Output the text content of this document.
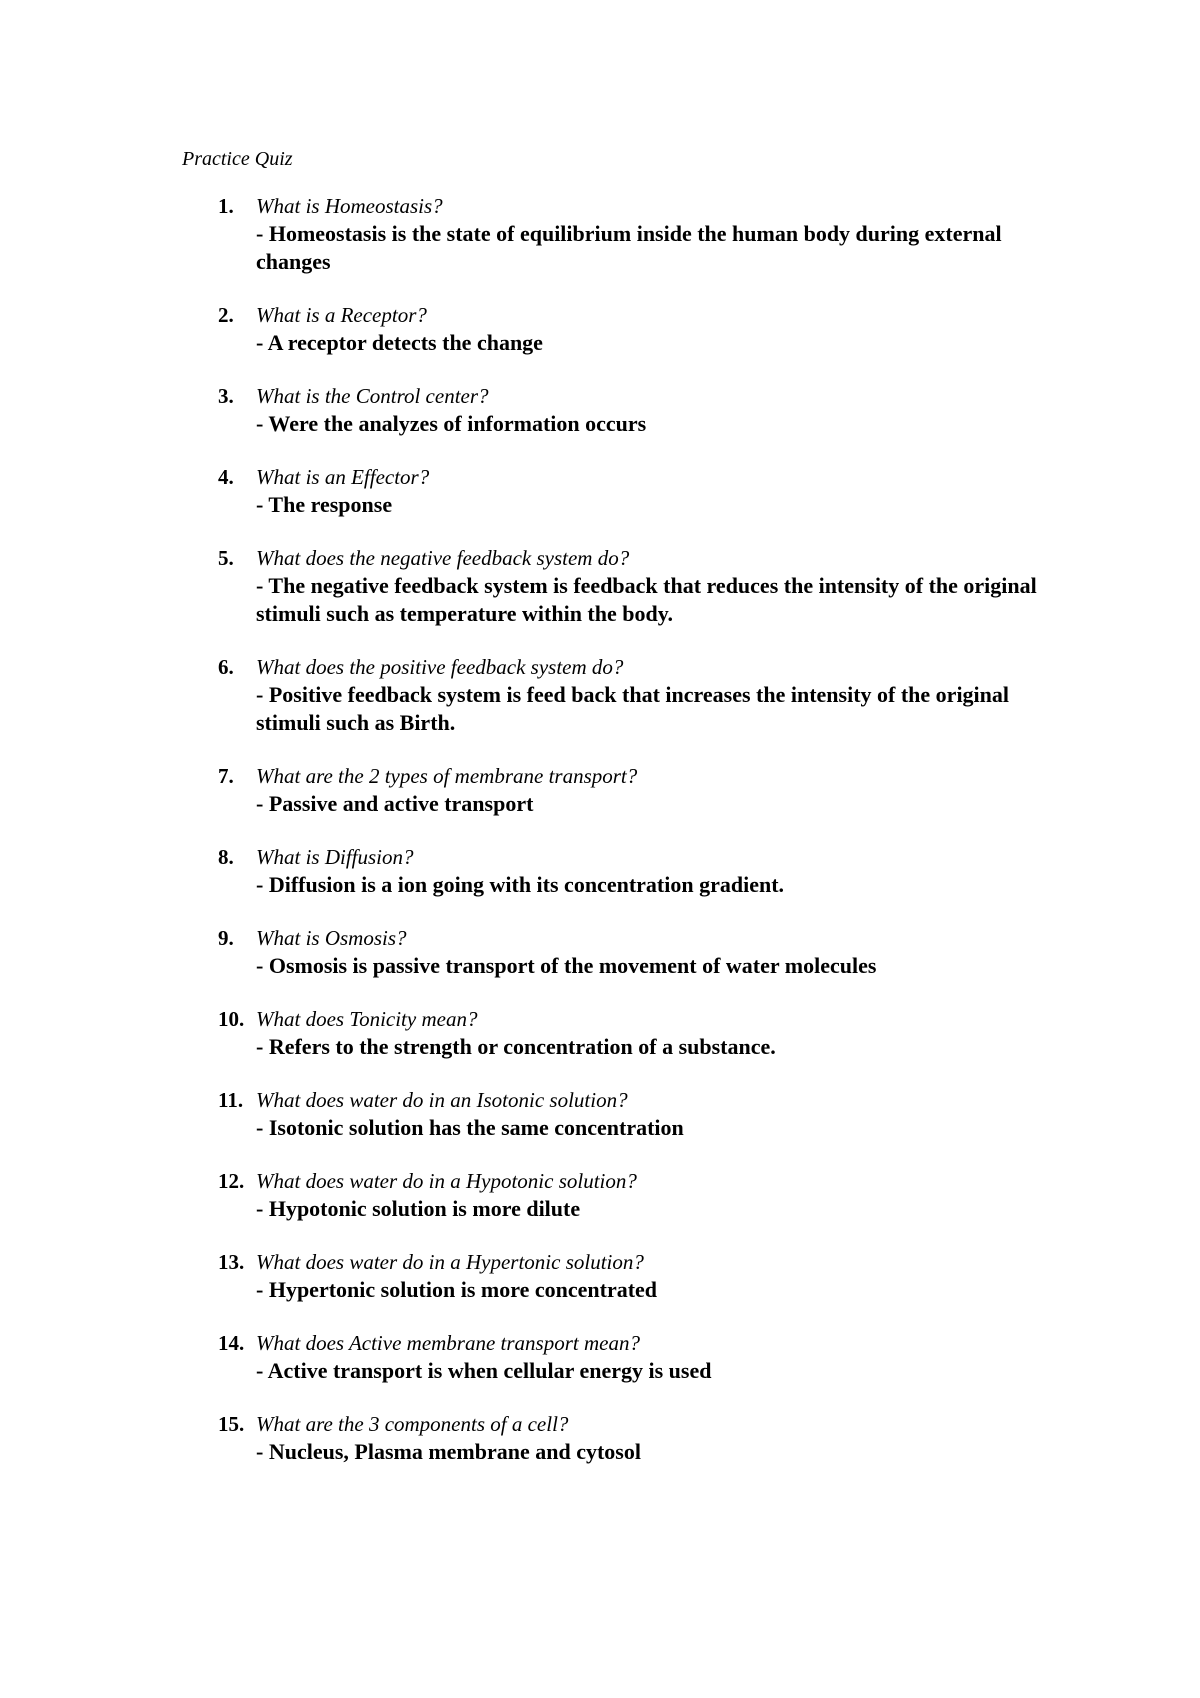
Practice Quiz
1. What is Homeostasis?
- Homeostasis is the state of equilibrium inside the human body during external changes
2. What is a Receptor?
- A receptor detects the change
3. What is the Control center?
- Were the analyzes of information occurs
4. What is an Effector?
- The response
5. What does the negative feedback system do?
- The negative feedback system is feedback that reduces the intensity of the original stimuli such as temperature within the body.
6. What does the positive feedback system do?
- Positive feedback system is feed back that increases the intensity of the original stimuli such as Birth.
7. What are the 2 types of membrane transport?
- Passive and active transport
8. What is Diffusion?
- Diffusion is a ion going with its concentration gradient.
9. What is Osmosis?
- Osmosis is passive transport of the movement of water molecules
10. What does Tonicity mean?
- Refers to the strength or concentration of a substance.
11. What does water do in an Isotonic solution?
- Isotonic solution has the same concentration
12. What does water do in a Hypotonic solution?
- Hypotonic solution is more dilute
13. What does water do in a Hypertonic solution?
- Hypertonic solution is more concentrated
14. What does Active membrane transport mean?
- Active transport is when cellular energy is used
15. What are the 3 components of a cell?
- Nucleus, Plasma membrane and cytosol
